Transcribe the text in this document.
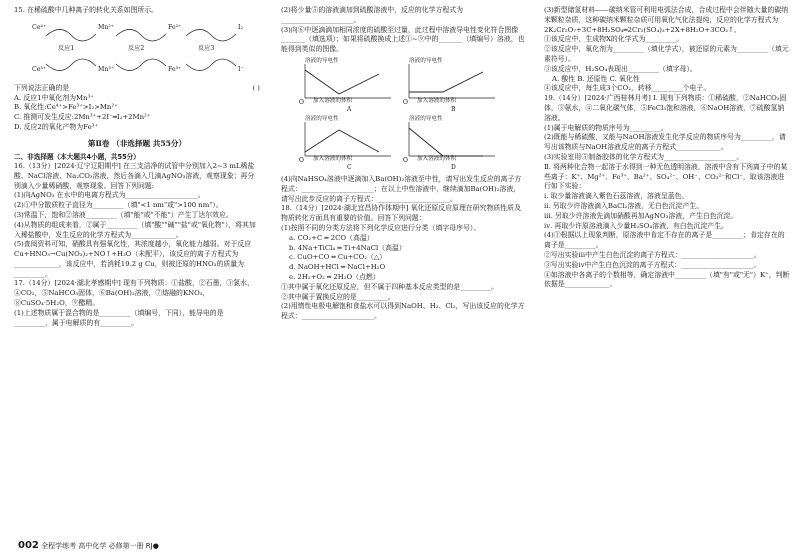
15. 在稀硫酸中几种离子的转化关系如图所示。

Ce⁴⁺	Mn²⁺	Fe²⁺	I₂
Ce³⁺	Mn³⁺	Fe³⁺	I⁻
反应1	反应2	反应3

下列说法正确的是	( )

A. 反应1中氧化剂为Mn³⁺

B. 氧化性:Ce⁴⁺>Fe³⁺>I₂>Mn²⁺

C. 推测可发生反应:2Mn³⁺+2I⁻═I₂+2Mn²⁺

D. 反应2的氧化产物为Fe³⁺

第Ⅱ卷 （非选择题 共55分）

二、非选择题（本大题共4小题，共55分）

16.（13分）[2024·辽宁辽阳期中] 在三支洁净的试管中分别加入2~3 mL稀盐酸、NaCl溶液、Na₂CO₃溶液，然后各滴入几滴AgNO₃溶液，观察现象；再分别滴入少量稀硝酸，观察现象。回答下列问题:

(1)向AgNO₃ 在水中的电离方程式为_____________________。

(2)①中分散质粒子直径为_________（填"<1 nm"或">100 nm"）。

(3)常温下，饱和②溶液_________（填"能"或"不能"）产生丁达尔效应。

(4)从物质的组成来看，②属于_________（填"酸""碱""盐"或"氧化物"），将其加入稀盐酸中，发生反应的化学方程式为_____________。

(5)查阅资料可知，硝酸具有强氧化性，其浓度越小，氧化能力越弱。对于反应Cu+HNO₃→Cu(NO₃)₂+NO↑+H₂O（未配平），该反应的离子方程式为_____________，该反应中，若消耗19.2 g Cu，则被还原的HNO₃的质量为_________。

17.（14分）[2024·湖北孝感期中] 现有下列物质：①盐酸，②石墨，③氯水，④CO₂，⑤NaHCO₃固体，⑥Ba(OH)₂溶液，⑦熔融的KNO₃，⑧CuSO₄·5H₂O，⑨醋精。

(1)上述物质属于混合物的是_________（填编号，下同），能导电的是_________，属于电解质的有_________。

(2)将少量⑤的溶液滴加到硫酸溶液中，反应的化学方程式为_____________________。

(3)向⑥中逐滴滴加相同浓度的硫酸至过量，此过程中溶液导电性变化符合图像_______（填选项）；如果将硫酸换成上述①~⑨中的_______（填编号）溶液，也能得到类似的图像。

O
溶液的导电性
加入溶液的体积
A
O
溶液的导电性
加入溶液的体积
B
O
溶液的导电性
加入溶液的体积
C
O
溶液的导电性
加入溶液的体积
D

(4)向NaHSO₄溶液中逐滴加入Ba(OH)₂溶液至中性，请写出发生反应的离子方程式：_____________________；在以上中性溶液中，继续滴加Ba(OH)₂溶液，请写出此步反应的离子方程式：_____________________。

18.（14分）[2024·湖北宜昌协作体期中] 氧化还原反应原理在研究物质性质及物质转化方面具有重要的价值。回答下列问题：

(1)按照不同的分类方法将下列化学反应进行分类（填字母序号）。

a. CO₂+C ═ 2CO（高温）

b. 4Na+TiCl₄ ═ Ti+4NaCl（高温）

c. CuO+CO ═ Cu+CO₂（△）

d. NaOH+HCl ═ NaCl+H₂O

e. 2H₂+O₂ ═ 2H₂O（点燃）

①其中属于氧化还原反应，但不属于四种基本反应类型的是_________。

②其中属于置换反应的是_________。

(2)用惰性电极电解饱和食盐水可以得到NaOH、H₂、Cl₂，写出该反应的化学方程式：_____________________。

(3)新型储氢材料——碳纳米管可利用电弧法合成，合成过程中会伴随大量的碳纳米颗粒杂质，这种碳纳米颗粒杂质可用氧化气化法提纯，反应的化学方程式为2K₂Cr₂O₇+3C+8H₂SO₄═2Cr₂(SO₄)₃+2X+8H₂O+3CO₂↑。

①该反应中，生成物X的化学式为_________。

②该反应中，氧化剂为_________（填化学式），被还原的元素为_________（填元素符号）。

③该反应中，H₂SO₄表现出_________（填字母）。

A. 酸性 B. 还原性 C. 氧化性

④该反应中，每生成3个CO₂，转移_________个电子。

19.（14分）[2024·广西桂林月考] Ⅰ. 现有下列物质：①稀硫酸，②NaHCO₃固体，③氨水，④二氧化碳气体，⑤FeCl₃饱和溶液，⑥NaOH溶液，⑦硫酸氢钠溶液。

(1)属于电解质的物质序号为_________。

(2)既能与稀硫酸，又能与NaOH溶液发生化学反应的物质序号为_________，请写出该物质与NaOH溶液反应的离子方程式_____________。

(3)实验室用⑤制备胶体的化学方程式为_____________________。

Ⅱ. 将两种化合物一起溶于水得到一种无色透明溶液，溶液中含有下列离子中的某些离子：K⁺、Mg²⁺、Fe³⁺、Ba²⁺、SO₄²⁻、OH⁻、CO₃²⁻和Cl⁻，取该溶液进行如下实验：

ⅰ. 取少量溶液滴入紫色石蕊溶液，溶液呈蓝色。

ⅱ. 另取少许溶液滴入BaCl₂溶液，无白色沉淀产生。

ⅲ. 另取少许溶液先滴加硝酸再加AgNO₃溶液，产生白色沉淀。

ⅳ. 再取少许原溶液滴入少量H₂SO₄溶液，有白色沉淀产生。

(4)①根据以上现象判断，原溶液中肯定不存在的离子是_________；肯定存在的离子是_________。

②写出实验ⅲ中产生白色沉淀的离子方程式：_____________________。

③写出实验ⅳ中产生白色沉淀的离子方程式：_____________________。

④如溶液中各离子的个数相等，确定溶液中_________（填"有"或"无"）K⁺，判断依据是_____________。

002 全程学练考 高中化学 必修第一册 RJ●
